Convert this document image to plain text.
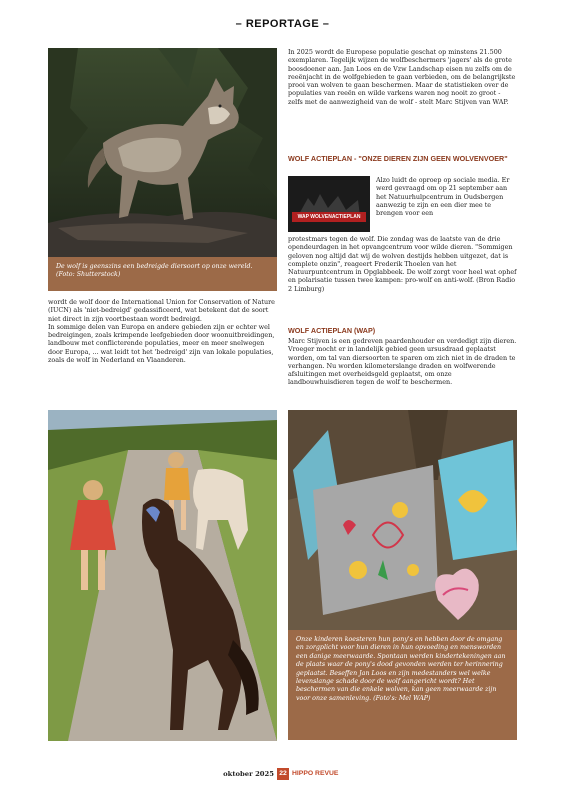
– REPORTAGE –
De wolf is geenszins een bedreigde diersoort op onze wereld. (Foto: Shutterstock)

wordt de wolf door de International Union for Conservation of Nature (IUCN) als 'niet-bedreigd' gedassificeerd, wat betekent dat de soort niet direct in zijn voortbestaan wordt bedreigd.

In sommige delen van Europa en andere gebieden zijn er echter wel bedreigingen, zoals krimpende leefgebieden door woonuitbreidingen, landbouw met conflicterende populaties, meer en meer snelwegen door Europa, ... wat leidt tot het 'bedreigd' zijn van lokale populaties, zoals de wolf in Nederland en Vlaanderen.

In 2025 wordt de Europese populatie geschat op minstens 21.500 exemplaren. Tegelijk wijzen de wolfbeschermers 'jagers' als de grote boosdoener aan. Jan Loos en de Vzw Landschap eisen nu zelfs om de reeënjacht in de wolfgebieden te gaan verbieden, om de belangrijkste prooi van wolven te gaan beschermen. Maar de statistieken over de populaties van reeën en wilde varkens waren nog nooit zo groot - zelfs met de aanwezigheid van de wolf - stelt Marc Stijven van WAP.
WOLF ACTIEPLAN - "ONZE DIEREN ZIJN GEEN WOLVENVOER"
WAP WOLVENACTIEPLAN
Alzo luidt de oproep op sociale media. Er werd gevraagd om op 21 september aan het Natuurhulpcentrum in Oudsbergen aanwezig te zijn en een dier mee te brengen voor een
protestmars tegen de wolf. Die zondag was de laatste van de drie opendeurdagen in het opvangcentrum voor wilde dieren. "Sommigen geloven nog altijd dat wij de wolven destijds hebben uitgezet, dat is complete onzin", reageert Frederik Thoelen van het Natuurpuntcentrum in Opglabbeek. De wolf zorgt voor heel wat ophef en polarisatie tussen twee kampen: pro-wolf en anti-wolf. (Bron Radio 2 Limburg)
WOLF ACTIEPLAN (WAP)
Marc Stijven is een gedreven paardenhouder en verdedigt zijn dieren. Vroeger mocht er in landelijk gebied geen ursusdraad geplaatst worden, om tal van diersoorten te sparen om zich niet in de draden te verhangen. Nu worden kilometerslange draden en wolfwerende afsluitingen met overheidsgeld geplaatst, om onze landbouwhuisdieren tegen de wolf te beschermen.
Onze kinderen koesteren hun pony's en hebben door de omgang en zorgplicht voor hun dieren in hun opvoeding en mensworden een danige meerwaarde. Spontaan werden kindertekeningen aan de plaats waar de pony's dood gevonden werden ter herinnering geplaatst. Beseffen Jan Loos en zijn medestanders wel welke levenslange schade door de wolf aangericht wordt? Het beschermen van die enkele wolven, kan geen meerwaarde zijn voor onze samenleving. (Foto's: Mel WAP)
oktober 2025 22 HIPPO REVUE
